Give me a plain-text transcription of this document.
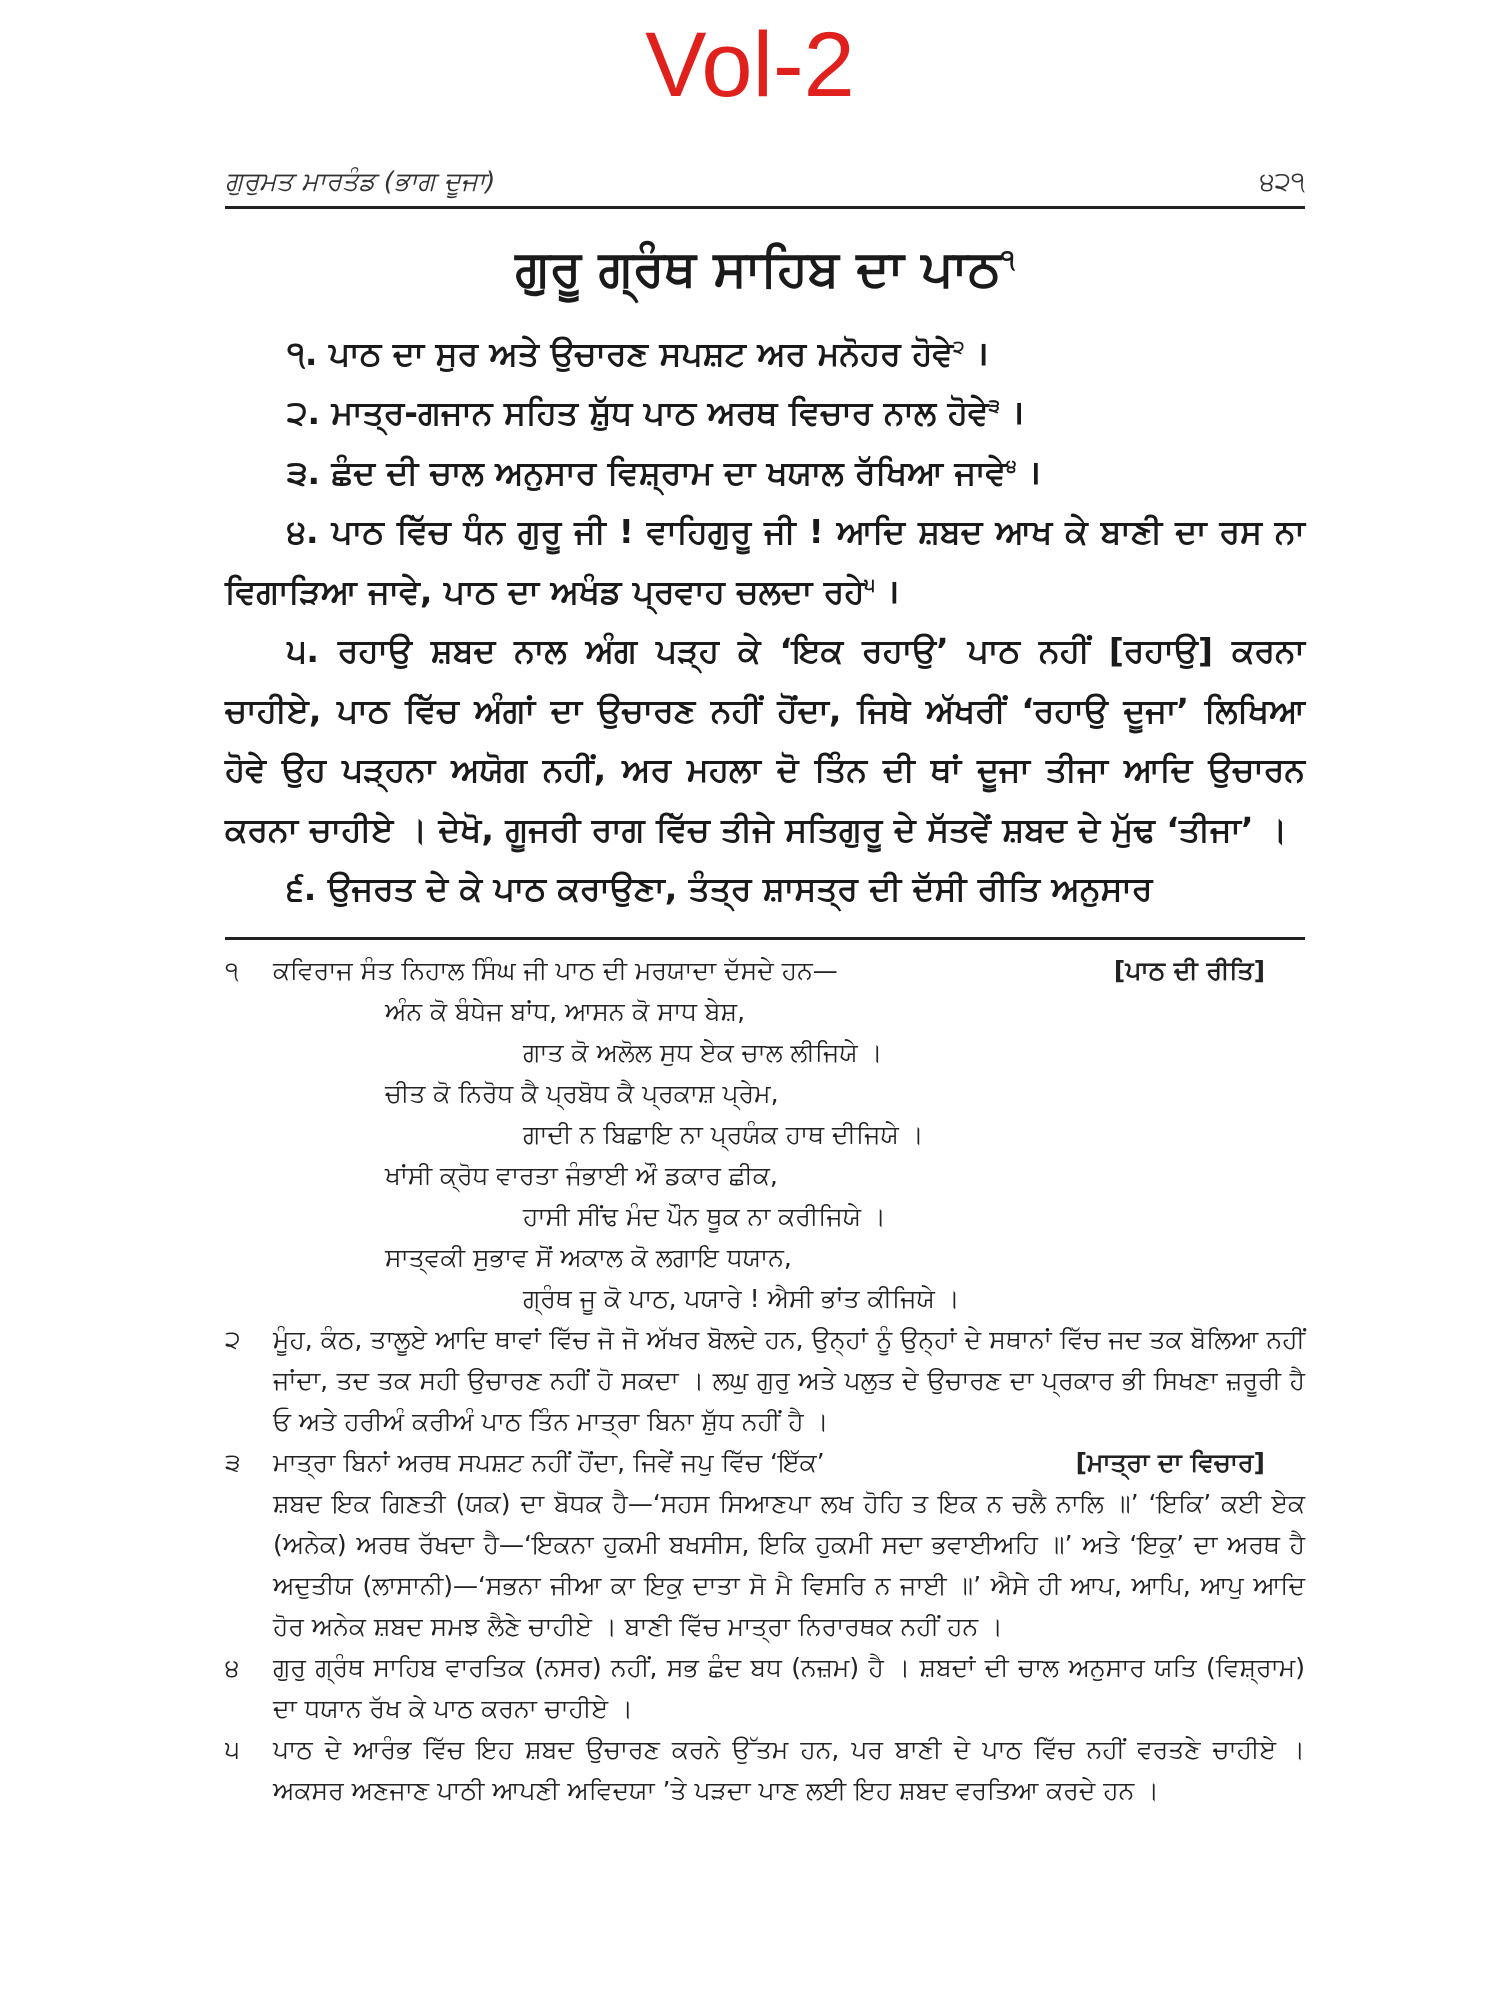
Vol-2
ਗੁਰੁਮਤ ਮਾਰਤੰਡ (ਭਾਗ ਦੂਜਾ)	੪੨੧
ਗੁਰੂ ਗ੍ਰੰਥ ਸਾਹਿਬ ਦਾ ਪਾਠ$^੧$

੧. ਪਾਠ ਦਾ ਸੁਰ ਅਤੇ ਉਚਾਰਣ ਸਪਸ਼ਟ ਅਰ ਮਨੋਹਰ ਹੋਵੇ$^੨$ ।

੨. ਮਾਤ੍ਰ-ਗਜਾਨ ਸਹਿਤ ਸ਼ੁੱਧ ਪਾਠ ਅਰਥ ਵਿਚਾਰ ਨਾਲ ਹੋਵੇ$^੩$ ।

੩. ਛੰਦ ਦੀ ਚਾਲ ਅਨੁਸਾਰ ਵਿਸ਼੍ਰਾਮ ਦਾ ਖਯਾਲ ਰੱਖਿਆ ਜਾਵੇ$^੪$ ।

੪. ਪਾਠ ਵਿੱਚ ਧੰਨ ਗੁਰੂ ਜੀ ! ਵਾਹਿਗੁਰੂ ਜੀ ! ਆਦਿ ਸ਼ਬਦ ਆਖ ਕੇ ਬਾਣੀ ਦਾ ਰਸ ਨਾ ਵਿਗਾੜਿਆ ਜਾਵੇ, ਪਾਠ ਦਾ ਅਖੰਡ ਪ੍ਰਵਾਹ ਚਲਦਾ ਰਹੇ$^੫$ ।

੫. ਰਹਾਉ ਸ਼ਬਦ ਨਾਲ ਅੰਗ ਪੜ੍ਹ ਕੇ ‘ਇਕ ਰਹਾਉ’ ਪਾਠ ਨਹੀਂ [ਰਹਾਉ] ਕਰਨਾ ਚਾਹੀਏ, ਪਾਠ ਵਿੱਚ ਅੰਗਾਂ ਦਾ ਉਚਾਰਣ ਨਹੀਂ ਹੋਂਦਾ, ਜਿਥੇ ਅੱਖਰੀਂ ‘ਰਹਾਉ ਦੂਜਾ’ ਲਿਖਿਆ ਹੋਵੇ ਉਹ ਪੜ੍ਹਨਾ ਅਯੋਗ ਨਹੀਂ, ਅਰ ਮਹਲਾ ਦੋ ਤਿੰਨ ਦੀ ਥਾਂ ਦੂਜਾ ਤੀਜਾ ਆਦਿ ਉਚਾਰਨ ਕਰਨਾ ਚਾਹੀਏ । ਦੇਖੋ, ਗੂਜਰੀ ਰਾਗ ਵਿੱਚ ਤੀਜੇ ਸਤਿਗੁਰੂ ਦੇ ਸੱਤਵੇਂ ਸ਼ਬਦ ਦੇ ਮੁੱਢ ‘ਤੀਜਾ’ ।

੬. ਉਜਰਤ ਦੇ ਕੇ ਪਾਠ ਕਰਾਉਣਾ, ਤੰਤ੍ਰ ਸ਼ਾਸਤ੍ਰ ਦੀ ਦੱਸੀ ਰੀਤਿ ਅਨੁਸਾਰ

੧	ਕਵਿਰਾਜ ਸੰਤ ਨਿਹਾਲ ਸਿੰਘ ਜੀ ਪਾਠ ਦੀ ਮਰਯਾਦਾ ਦੱਸਦੇ ਹਨ—	[ਪਾਠ ਦੀ ਰੀਤਿ]
ਅੰਨ ਕੋ ਬੰਧੇਜ ਬਾਂਧ, ਆਸਨ ਕੋ ਸਾਧ ਬੇਸ਼,
ਗਾਤ ਕੋ ਅਲੋਲ ਸੁਧ ਏਕ ਚਾਲ ਲੀਜਿਯੇ ।
ਚੀਤ ਕੋ ਨਿਰੋਧ ਕੈ ਪ੍ਰਬੋਧ ਕੈ ਪ੍ਰਕਾਸ਼ ਪ੍ਰੇਮ,
ਗਾਦੀ ਨ ਬਿਛਾਇ ਨਾ ਪ੍ਰਯੰਕ ਹਾਥ ਦੀਜਿਯੇ ।
ਖਾਂਸੀ ਕ੍ਰੋਧ ਵਾਰਤਾ ਜੰਭਾਈ ਔ ਡਕਾਰ ਛੀਕ,
ਹਾਸੀ ਸੀਂਢ ਮੰਦ ਪੌਨ ਥੂਕ ਨਾ ਕਰੀਜਿਯੇ ।
ਸਾਤ੍ਵਕੀ ਸੁਭਾਵ ਸੋਂ ਅਕਾਲ ਕੋ ਲਗਾਇ ਧਯਾਨ,
ਗ੍ਰੰਥ ਜੂ ਕੋ ਪਾਠ, ਪਯਾਰੇ ! ਐਸੀ ਭਾਂਤ ਕੀਜਿਯੇ ।
੨	ਮੂੰਹ, ਕੰਠ, ਤਾਲੂਏ ਆਦਿ ਥਾਵਾਂ ਵਿੱਚ ਜੋ ਜੋ ਅੱਖਰ ਬੋਲਦੇ ਹਨ, ਉਨ੍ਹਾਂ ਨੂੰ ਉਨ੍ਹਾਂ ਦੇ ਸਥਾਨਾਂ ਵਿੱਚ ਜਦ ਤਕ ਬੋਲਿਆ ਨਹੀਂ ਜਾਂਦਾ, ਤਦ ਤਕ ਸਹੀ ਉਚਾਰਣ ਨਹੀਂ ਹੋ ਸਕਦਾ । ਲਘੁ ਗੁਰੁ ਅਤੇ ਪਲੁਤ ਦੇ ਉਚਾਰਣ ਦਾ ਪ੍ਰਕਾਰ ਭੀ ਸਿਖਣਾ ਜ਼ਰੂਰੀ ਹੈ ਓ ਅਤੇ ਹਰੀਅੰ ਕਰੀਅੰ ਪਾਠ ਤਿੰਨ ਮਾਤ੍ਰਾ ਬਿਨਾ ਸ਼ੁੱਧ ਨਹੀਂ ਹੈ ।
੩	ਮਾਤ੍ਰਾ ਬਿਨਾਂ ਅਰਥ ਸਪਸ਼ਟ ਨਹੀਂ ਹੋਂਦਾ, ਜਿਵੇਂ ਜਪੁ ਵਿੱਚ ‘ਇੱਕ’	[ਮਾਤ੍ਰਾ ਦਾ ਵਿਚਾਰ]
ਸ਼ਬਦ ਇਕ ਗਿਣਤੀ (ਯਕ) ਦਾ ਬੋਧਕ ਹੈ—‘ਸਹਸ ਸਿਆਣਪਾ ਲਖ ਹੋਹਿ ਤ ਇਕ ਨ ਚਲੈ ਨਾਲਿ ॥’ ‘ਇਕਿ’ ਕਈ ਏਕ (ਅਨੇਕ) ਅਰਥ ਰੱਖਦਾ ਹੈ—‘ਇਕਨਾ ਹੁਕਮੀ ਬਖਸੀਸ, ਇਕਿ ਹੁਕਮੀ ਸਦਾ ਭਵਾਈਅਹਿ ॥’ ਅਤੇ ‘ਇਕੁ’ ਦਾ ਅਰਥ ਹੈ ਅਦੁਤੀਯ (ਲਾਸਾਨੀ)—‘ਸਭਨਾ ਜੀਆ ਕਾ ਇਕੁ ਦਾਤਾ ਸੋ ਮੈ ਵਿਸਰਿ ਨ ਜਾਈ ॥’ ਐਸੇ ਹੀ ਆਪ, ਆਪਿ, ਆਪੁ ਆਦਿ ਹੋਰ ਅਨੇਕ ਸ਼ਬਦ ਸਮਝ ਲੈਣੇ ਚਾਹੀਏ । ਬਾਣੀ ਵਿੱਚ ਮਾਤ੍ਰਾ ਨਿਰਾਰਥਕ ਨਹੀਂ ਹਨ ।
੪	ਗੁਰੁ ਗ੍ਰੰਥ ਸਾਹਿਬ ਵਾਰਤਿਕ (ਨਸਰ) ਨਹੀਂ, ਸਭ ਛੰਦ ਬਧ (ਨਜ਼ਮ) ਹੈ । ਸ਼ਬਦਾਂ ਦੀ ਚਾਲ ਅਨੁਸਾਰ ਯਤਿ (ਵਿਸ਼੍ਰਾਮ) ਦਾ ਧਯਾਨ ਰੱਖ ਕੇ ਪਾਠ ਕਰਨਾ ਚਾਹੀਏ ।
੫	ਪਾਠ ਦੇ ਆਰੰਭ ਵਿੱਚ ਇਹ ਸ਼ਬਦ ਉਚਾਰਣ ਕਰਨੇ ਉੱਤਮ ਹਨ, ਪਰ ਬਾਣੀ ਦੇ ਪਾਠ ਵਿੱਚ ਨਹੀਂ ਵਰਤਣੇ ਚਾਹੀਏ । ਅਕਸਰ ਅਣਜਾਣ ਪਾਠੀ ਆਪਣੀ ਅਵਿਦਯਾ ’ਤੇ ਪੜਦਾ ਪਾਣ ਲਈ ਇਹ ਸ਼ਬਦ ਵਰਤਿਆ ਕਰਦੇ ਹਨ ।
